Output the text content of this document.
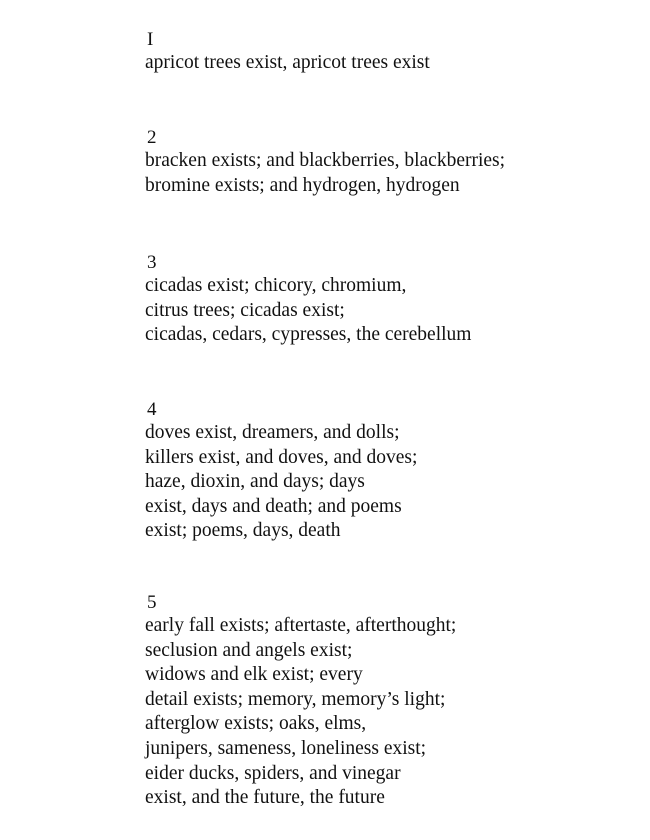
I
apricot trees exist, apricot trees exist
2
bracken exists; and blackberries, blackberries;
bromine exists; and hydrogen, hydrogen
3
cicadas exist; chicory, chromium,
citrus trees; cicadas exist;
cicadas, cedars, cypresses, the cerebellum
4
doves exist, dreamers, and dolls;
killers exist, and doves, and doves;
haze, dioxin, and days; days
exist, days and death; and poems
exist; poems, days, death
5
early fall exists; aftertaste, afterthought;
seclusion and angels exist;
widows and elk exist; every
detail exists; memory, memory’s light;
afterglow exists; oaks, elms,
junipers, sameness, loneliness exist;
eider ducks, spiders, and vinegar
exist, and the future, the future
